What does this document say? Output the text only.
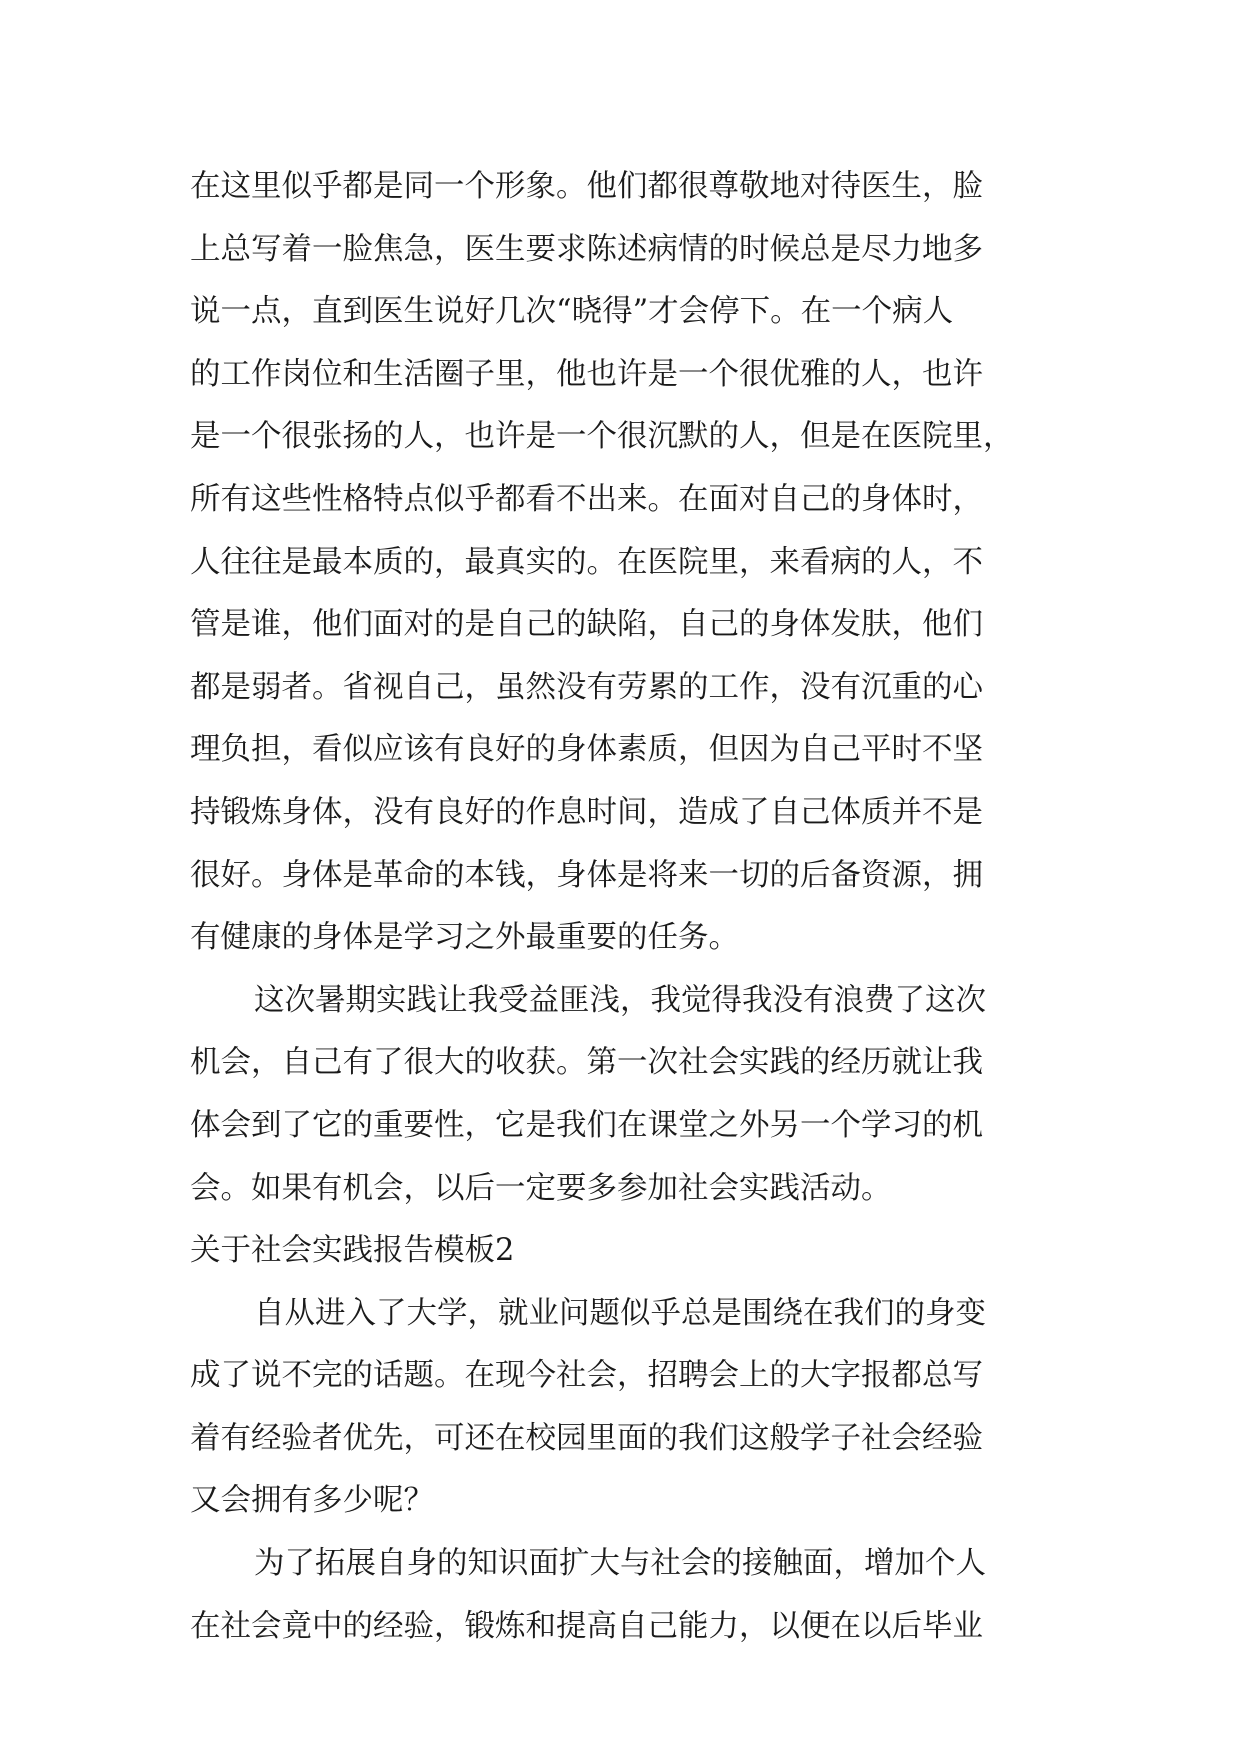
在这里似乎都是同一个形象。他们都很尊敬地对待医生，脸
上总写着一脸焦急，医生要求陈述病情的时候总是尽力地多
说一点，直到医生说好几次“晓得”才会停下。在一个病人
的工作岗位和生活圈子里，他也许是一个很优雅的人，也许
是一个很张扬的人，也许是一个很沉默的人，但是在医院里，
所有这些性格特点似乎都看不出来。在面对自己的身体时，
人往往是最本质的，最真实的。在医院里，来看病的人，不
管是谁，他们面对的是自己的缺陷，自己的身体发肤，他们
都是弱者。省视自己，虽然没有劳累的工作，没有沉重的心
理负担，看似应该有良好的身体素质，但因为自己平时不坚
持锻炼身体，没有良好的作息时间，造成了自己体质并不是
很好。身体是革命的本钱，身体是将来一切的后备资源，拥
有健康的身体是学习之外最重要的任务。
这次暑期实践让我受益匪浅，我觉得我没有浪费了这次
机会，自己有了很大的收获。第一次社会实践的经历就让我
体会到了它的重要性，它是我们在课堂之外另一个学习的机
会。如果有机会，以后一定要多参加社会实践活动。
关于社会实践报告模板2
自从进入了大学，就业问题似乎总是围绕在我们的身变
成了说不完的话题。在现今社会，招聘会上的大字报都总写
着有经验者优先，可还在校园里面的我们这般学子社会经验
又会拥有多少呢？
为了拓展自身的知识面扩大与社会的接触面，增加个人
在社会竟中的经验，锻炼和提高自己能力，以便在以后毕业
